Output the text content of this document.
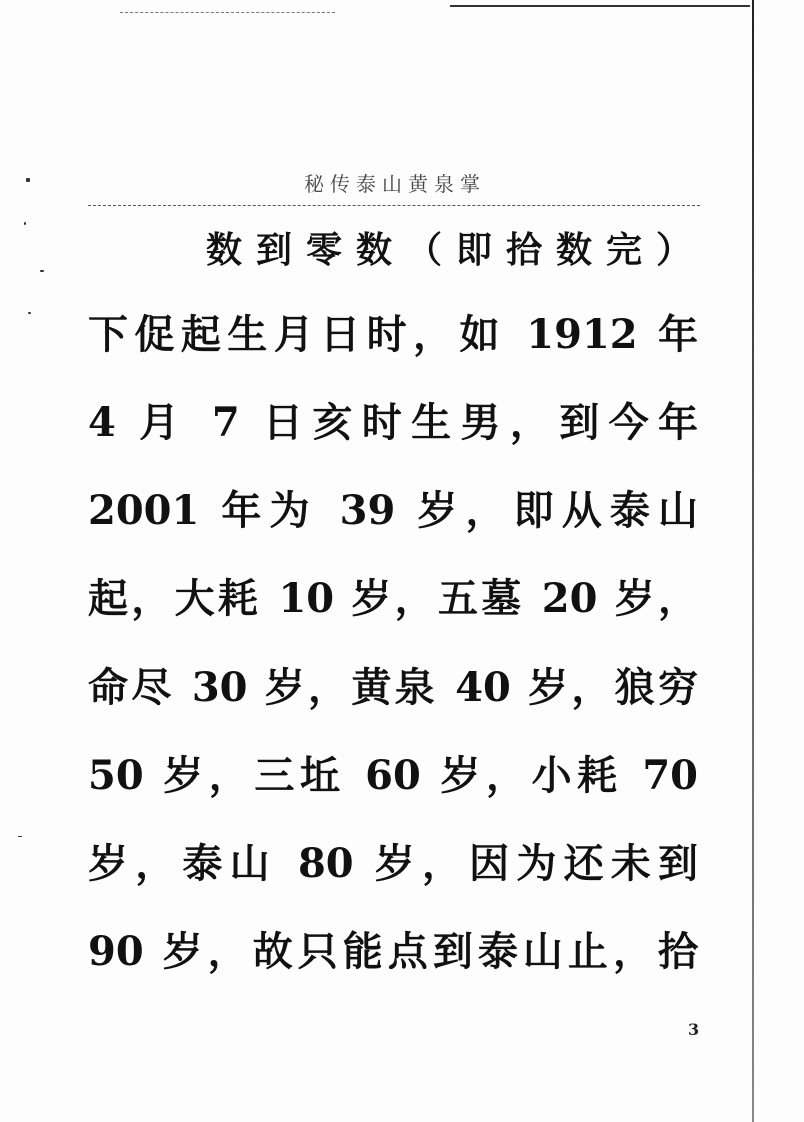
秘传泰山黄泉掌
数到零数（即拾数完）
下促起生月日时，如 1912 年
4 月 7 日亥时生男，到今年
2001 年为 39 岁，即从泰山
起，大耗 10 岁，五墓 20 岁，
命尽 30 岁，黄泉 40 岁，狼穷
50 岁，三坵 60 岁，小耗 70
岁，泰山 80 岁，因为还未到
90 岁，故只能点到泰山止，拾
3
